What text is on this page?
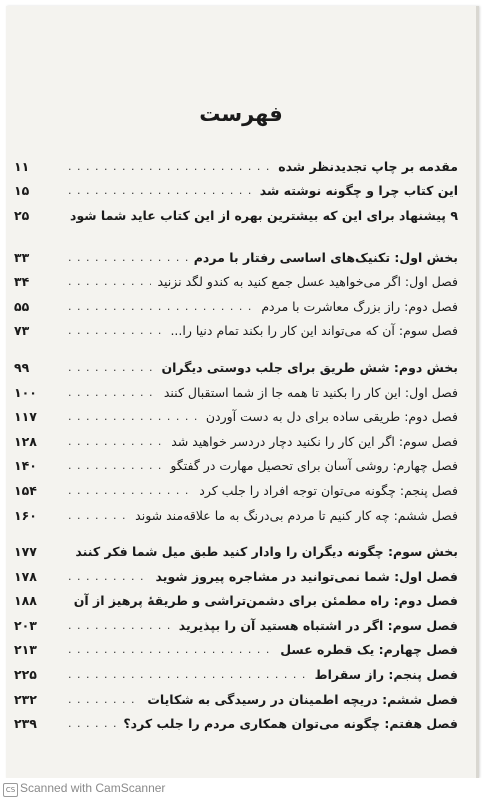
فهرست
مقدمه بر چاپ تجدیدنظر شده
. . .
۱۱
این کتاب چرا و چگونه نوشته شد
. . .
۱۵
۹ پیشنهاد برای این که بیشترین بهره از این کتاب عاید شما شود
۲۵
بخش اول: تکنیک‌های اساسی رفتار با مردم
. . .
۳۳
فصل اول: اگر می‌خواهید عسل جمع کنید به کندو لگد نزنید
. . .
۳۴
فصل دوم: راز بزرگ معاشرت با مردم
. . .
۵۵
فصل سوم: آن که می‌تواند این کار را بکند تمام دنیا را...
. . .
۷۳
بخش دوم: شش طریق برای جلب دوستی دیگران
. . .
۹۹
فصل اول: این کار را بکنید تا همه جا از شما استقبال کنند
. . .
۱۰۰
فصل دوم: طریقی ساده برای دل به دست آوردن
. . .
۱۱۷
فصل سوم: اگر این کار را نکنید دچار دردسر خواهید شد
. . .
۱۲۸
فصل چهارم: روشی آسان برای تحصیل مهارت در گفتگو
. . .
۱۴۰
فصل پنجم: چگونه می‌توان توجه افراد را جلب کرد
. . .
۱۵۴
فصل ششم: چه کار کنیم تا مردم بی‌درنگ به ما علاقه‌مند شوند
. . .
۱۶۰
بخش سوم: چگونه دیگران را وادار کنید طبق میل شما فکر کنند
. . .
۱۷۷
فصل اول: شما نمی‌توانید در مشاجره پیروز شوید
. . .
۱۷۸
فصل دوم: راه مطمئن برای دشمن‌تراشی و طریقهٔ پرهیز از آن
۱۸۸
فصل سوم: اگر در اشتباه هستید آن را بپذیرید
. . .
۲۰۳
فصل چهارم: یک قطره عسل
. . .
۲۱۳
فصل پنجم: راز سقراط
. . .
۲۲۵
فصل ششم: دریچه اطمینان در رسیدگی به شکایات
. . .
۲۳۲
فصل هفتم: چگونه می‌توان همکاری مردم را جلب کرد؟
. . .
۲۳۹
CS Scanned with CamScanner
